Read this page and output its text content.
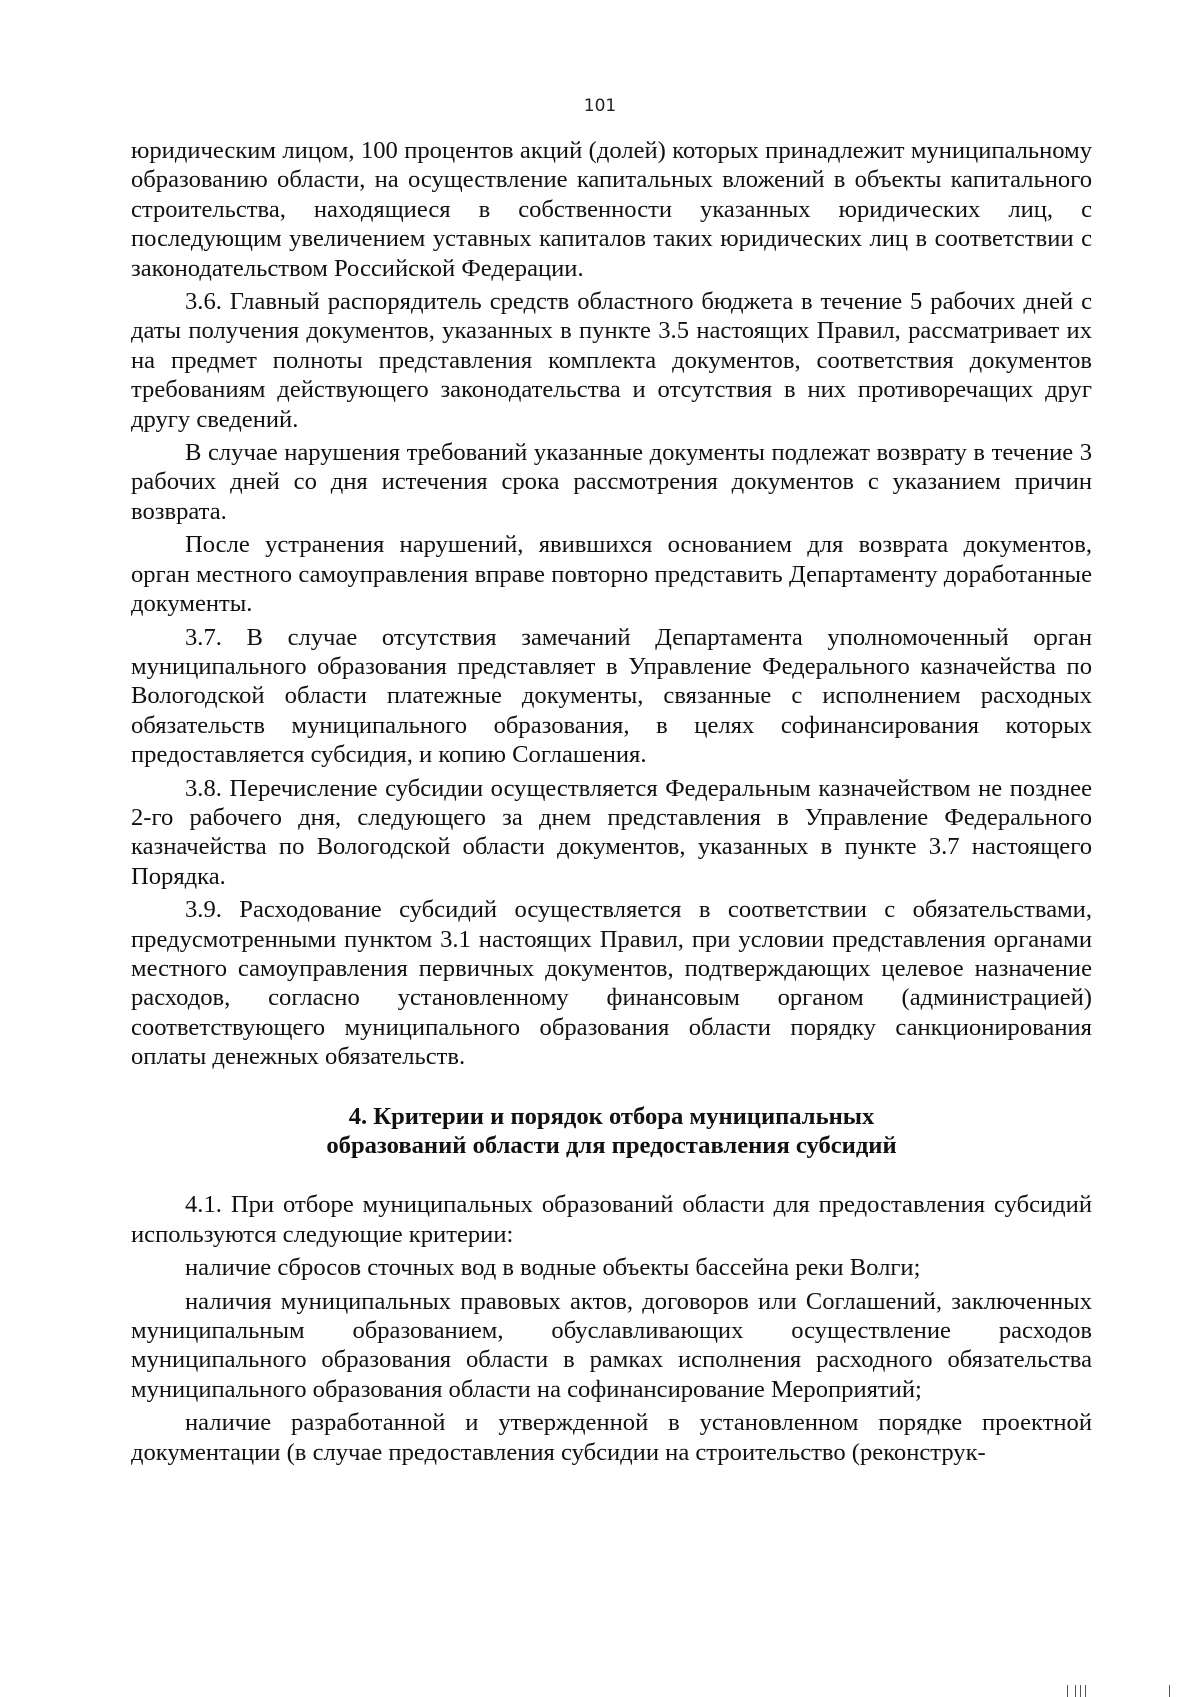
101

юридическим лицом, 100 процентов акций (долей) которых принадлежит муниципальному образованию области, на осуществление капитальных вложений в объекты капитального строительства, находящиеся в собственности указанных юридических лиц, с последующим увеличением уставных капиталов таких юридических лиц в соответствии с законодательством Российской Федерации.

3.6. Главный распорядитель средств областного бюджета в течение 5 рабочих дней с даты получения документов, указанных в пункте 3.5 настоящих Правил, рассматривает их на предмет полноты представления комплекта документов, соответствия документов требованиям действующего законодательства и отсутствия в них противоречащих друг другу сведений.

В случае нарушения требований указанные документы подлежат возврату в течение 3 рабочих дней со дня истечения срока рассмотрения документов с указанием причин возврата.

После устранения нарушений, явившихся основанием для возврата документов, орган местного самоуправления вправе повторно представить Департаменту доработанные документы.

3.7. В случае отсутствия замечаний Департамента уполномоченный орган муниципального образования представляет в Управление Федерального казначейства по Вологодской области платежные документы, связанные с исполнением расходных обязательств муниципального образования, в целях софинансирования которых предоставляется субсидия, и копию Соглашения.

3.8. Перечисление субсидии осуществляется Федеральным казначейством не позднее 2-го рабочего дня, следующего за днем представления в Управление Федерального казначейства по Вологодской области документов, указанных в пункте 3.7 настоящего Порядка.

3.9. Расходование субсидий осуществляется в соответствии с обязательствами, предусмотренными пунктом 3.1 настоящих Правил, при условии представления органами местного самоуправления первичных документов, подтверждающих целевое назначение расходов, согласно установленному финансовым органом (администрацией) соответствующего муниципального образования области порядку санкционирования оплаты денежных обязательств.

4. Критерии и порядок отбора муниципальных
образований области для предоставления субсидий

4.1. При отборе муниципальных образований области для предоставления субсидий используются следующие критерии:

наличие сбросов сточных вод в водные объекты бассейна реки Волги;

наличия муниципальных правовых актов, договоров или Соглашений, заключенных муниципальным образованием, обуславливающих осуществление расходов муниципального образования области в рамках исполнения расходного обязательства муниципального образования области на софинансирование Мероприятий;

наличие разработанной и утвержденной в установленном порядке проектной документации (в случае предоставления субсидии на строительство (реконструк-
